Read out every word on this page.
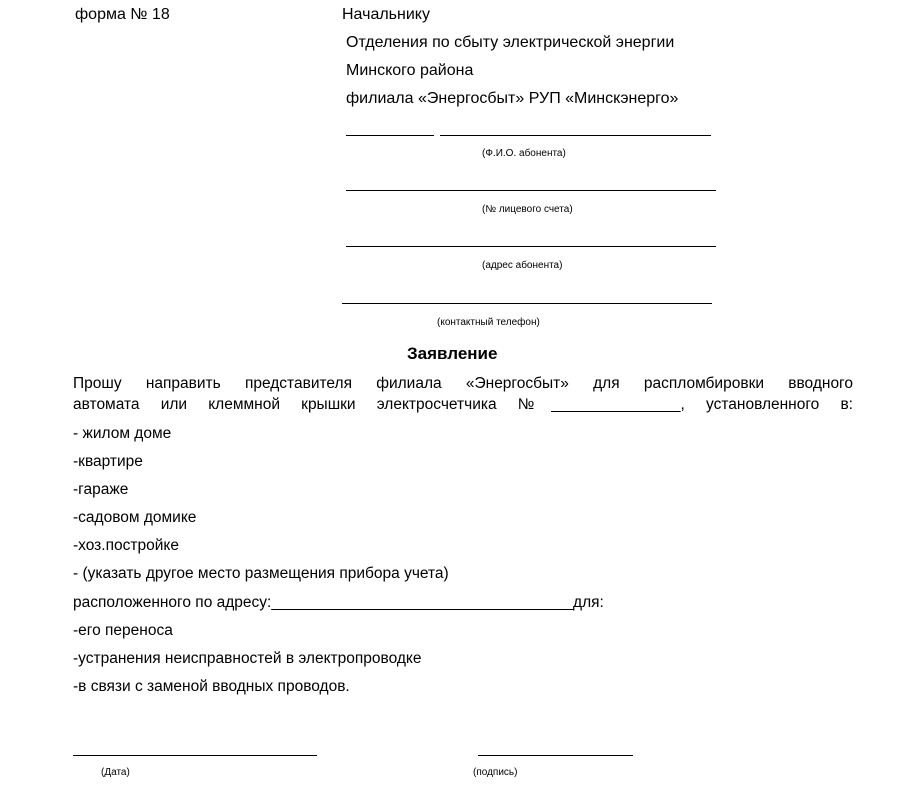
форма № 18	Начальнику
Отделения по сбыту электрической энергии
Минского района
филиала «Энергосбыт» РУП «Минскэнерго»
(Ф.И.О. абонента)
(№ лицевого счета)
(адрес абонента)
(контактный телефон)
Заявление
Прошу направить представителя филиала «Энергосбыт» для распломбировки вводного
автомата или клеммной крышки электросчетчика №_______________, установленного в:
- жилом доме
-квартире
-гараже
-садовом домике
-хоз.постройке
- (указать другое место размещения прибора учета)
расположенного по адресу:___________________________________для:
-его переноса
-устранения неисправностей в электропроводке
-в связи с заменой вводных проводов.
(Дата)	(подпись)
